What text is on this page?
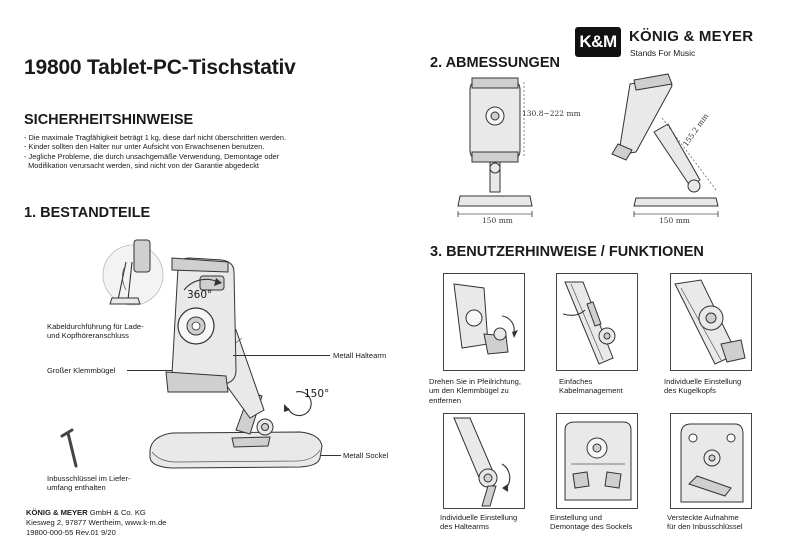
19800 Tablet-PC-Tischstativ
SICHERHEITSHINWEISE
- Die maximale Tragfähigkeit beträgt 1 kg, diese darf nicht überschritten werden.
- Kinder sollten den Halter nur unter Aufsicht von Erwachsenen benutzen.
- Jegliche Probleme, die durch unsachgemäße Verwendung, Demontage oder
Modifikation verursacht werden, sind nicht von der Garantie abgedeckt
1. BESTANDTEILE
360°
150°
Kabeldurchführung für Lade-
und Kopfhöreranschluss
Großer Klemmbügel
Metall Haltearm
Metall Sockel
Inbusschlüssel im Liefer-
umfang enthalten
KÖNIG & MEYER GmbH & Co. KG
Kiesweg 2, 97877 Wertheim, www.k-m.de
19800-000-55 Rev.01 9/20
K&M KÖNIG & MEYER
Stands For Music
2. ABMESSUNGEN
130.8~222 mm
150 mm
155.2 mm
150 mm
3. BENUTZERHINWEISE / FUNKTIONEN
Drehen Sie in Pfeilrichtung,
um den Klemmbügel zu
entfernen
Einfaches
Kabelmanagement
Individuelle Einstellung
des Kugelkopfs
Individuelle Einstellung
des Haltearms
Einstellung und
Demontage des Sockels
Versteckte Aufnahme
für den Inbusschlüssel
